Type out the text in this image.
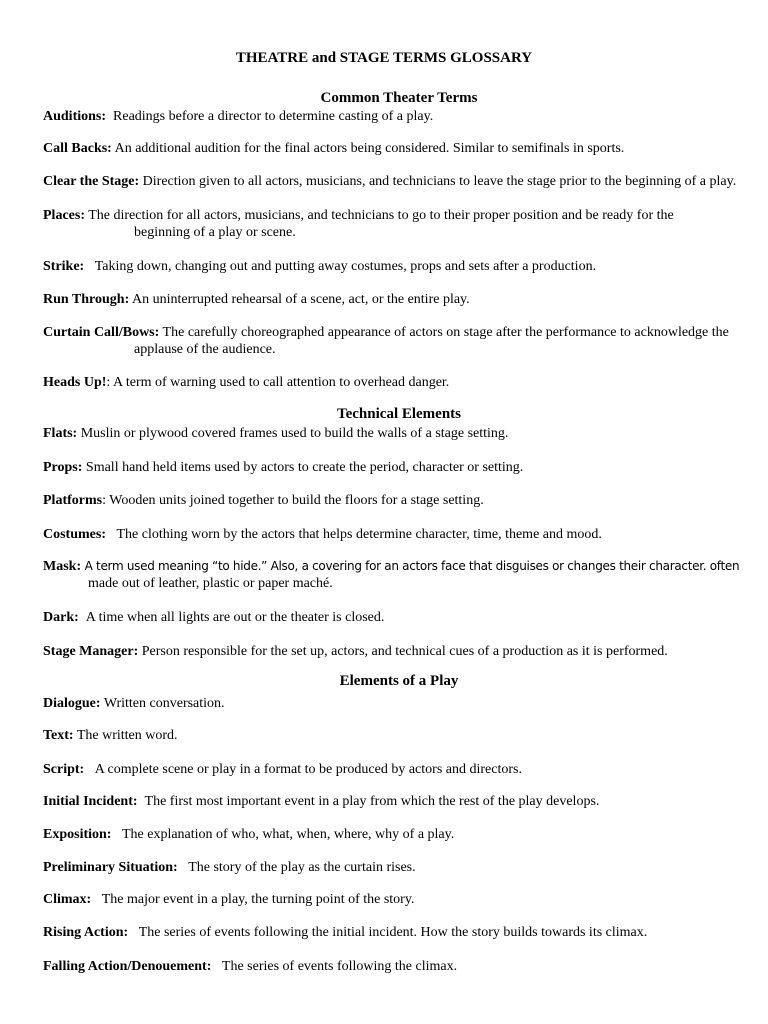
THEATRE and STAGE TERMS GLOSSARY
Common Theater Terms
Auditions: Readings before a director to determine casting of a play.
Call Backs: An additional audition for the final actors being considered. Similar to semifinals in sports.
Clear the Stage: Direction given to all actors, musicians, and technicians to leave the stage prior to the beginning of a play.
Places: The direction for all actors, musicians, and technicians to go to their proper position and be ready for the
beginning of a play or scene.
Strike: Taking down, changing out and putting away costumes, props and sets after a production.
Run Through: An uninterrupted rehearsal of a scene, act, or the entire play.
Curtain Call/Bows: The carefully choreographed appearance of actors on stage after the performance to acknowledge the
applause of the audience.
Heads Up!: A term of warning used to call attention to overhead danger.
Technical Elements
Flats: Muslin or plywood covered frames used to build the walls of a stage setting.
Props: Small hand held items used by actors to create the period, character or setting.
Platforms: Wooden units joined together to build the floors for a stage setting.
Costumes: The clothing worn by the actors that helps determine character, time, theme and mood.
Mask: A term used meaning “to hide.” Also, a covering for an actors face that disguises or changes their character. often
made out of leather, plastic or paper maché.
Dark: A time when all lights are out or the theater is closed.
Stage Manager: Person responsible for the set up, actors, and technical cues of a production as it is performed.
Elements of a Play
Dialogue: Written conversation.
Text: The written word.
Script: A complete scene or play in a format to be produced by actors and directors.
Initial Incident: The first most important event in a play from which the rest of the play develops.
Exposition: The explanation of who, what, when, where, why of a play.
Preliminary Situation: The story of the play as the curtain rises.
Climax: The major event in a play, the turning point of the story.
Rising Action: The series of events following the initial incident. How the story builds towards its climax.
Falling Action/Denouement: The series of events following the climax.
